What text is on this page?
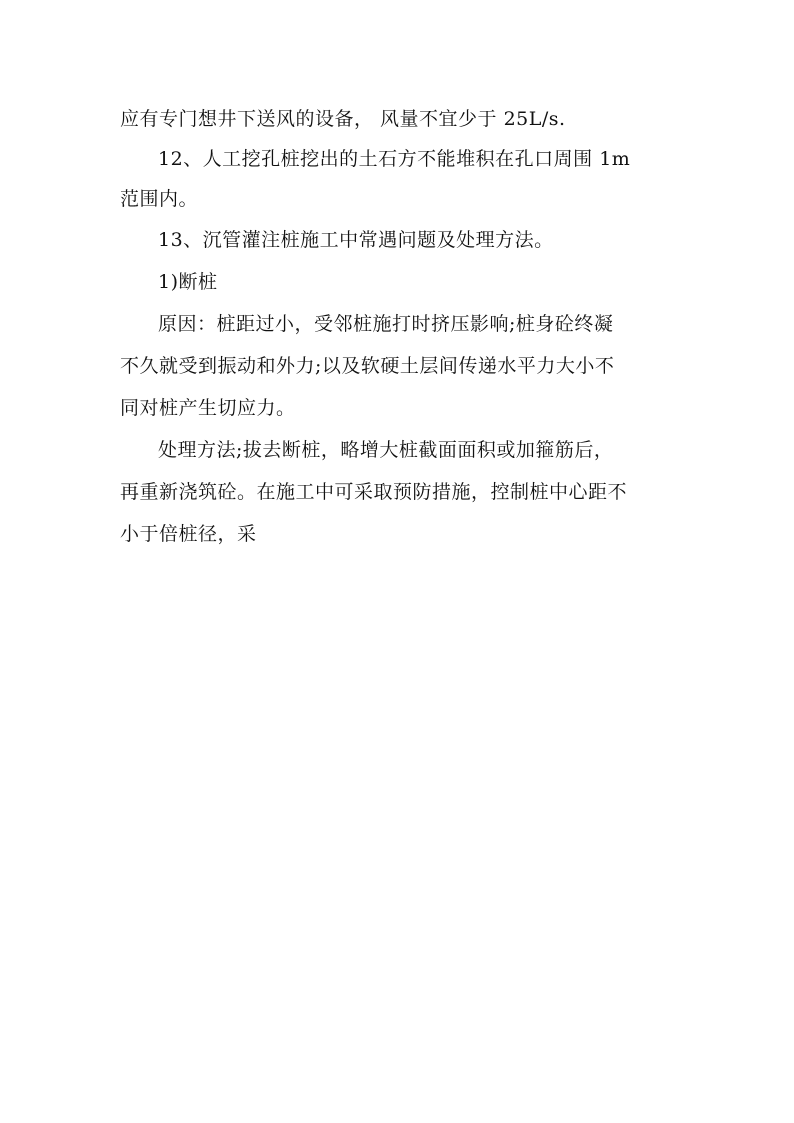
应有专门想井下送风的设备， 风量不宜少于 25L/s.
12、人工挖孔桩挖出的土石方不能堆积在孔口周围 1m
范围内。
13、沉管灌注桩施工中常遇问题及处理方法。
1)断桩
原因：桩距过小，受邻桩施打时挤压影响;桩身砼终凝
不久就受到振动和外力;以及软硬土层间传递水平力大小不
同对桩产生切应力。
处理方法;拔去断桩，略增大桩截面面积或加箍筋后，
再重新浇筑砼。在施工中可采取预防措施，控制桩中心距不
小于倍桩径，采
